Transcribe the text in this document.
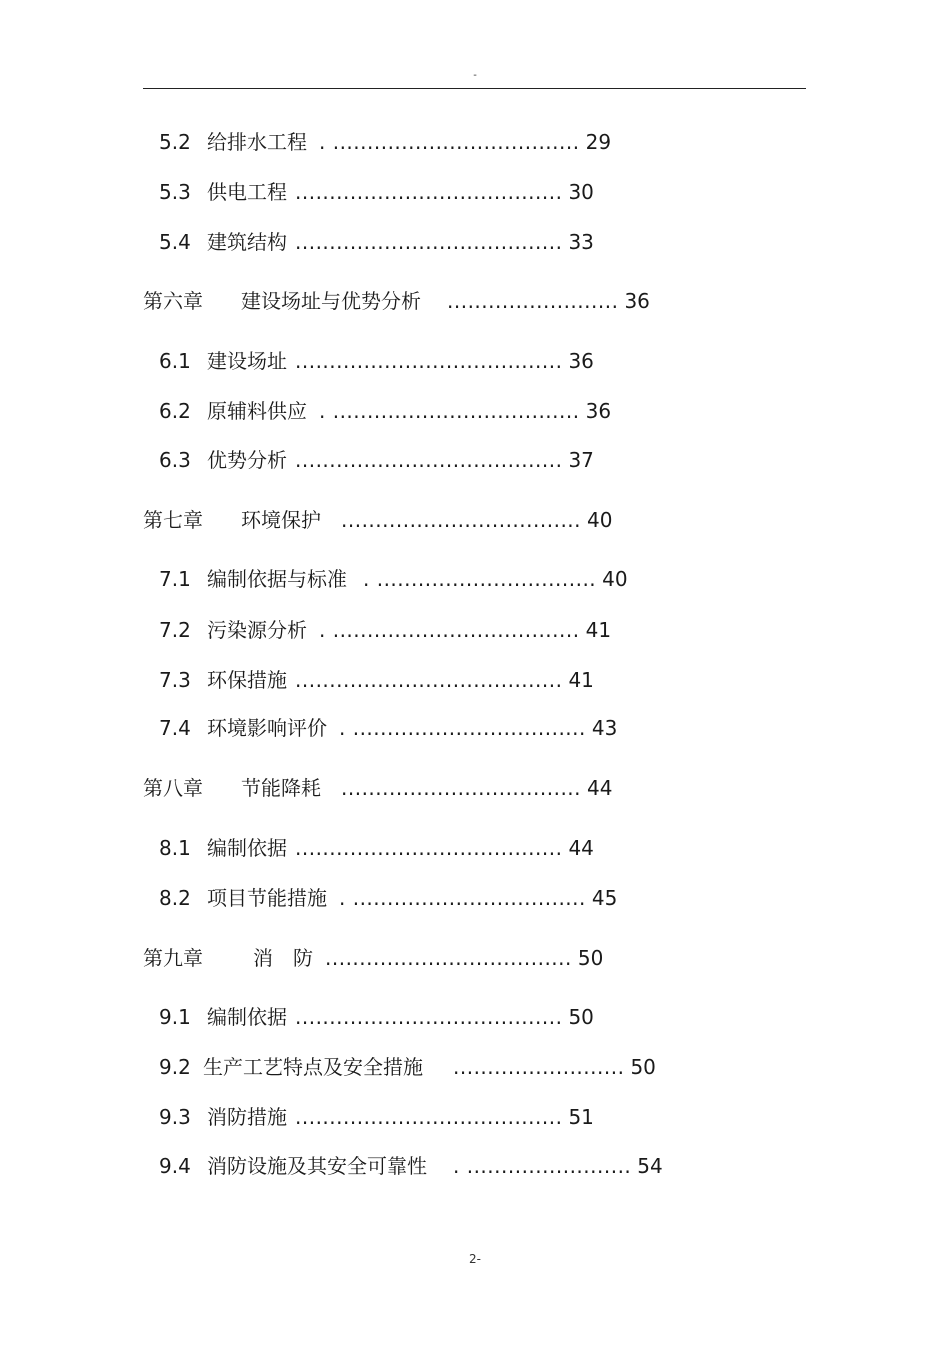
-
5.2 给排水工程 . .................................... 29
5.3 供电工程 ....................................... 30
5.4 建筑结构 ....................................... 33
第六章	建设场址与优势分析 ......................... 36
6.1 建设场址 ....................................... 36
6.2 原辅料供应 . .................................... 36
6.3 优势分析 ....................................... 37
第七章	环境保护 ................................... 40
7.1 编制依据与标准 . ................................ 40
7.2 污染源分析 . .................................... 41
7.3 环保措施 ....................................... 41
7.4 环境影响评价 . .................................. 43
第八章	节能降耗 ................................... 44
8.1 编制依据 ....................................... 44
8.2 项目节能措施 . .................................. 45
第九章	消　防 .................................... 50
9.1 编制依据 ....................................... 50
9.2 生产工艺特点及安全措施 ......................... 50
9.3 消防措施 ....................................... 51
9.4 消防设施及其安全可靠性 . ........................ 54
2-
